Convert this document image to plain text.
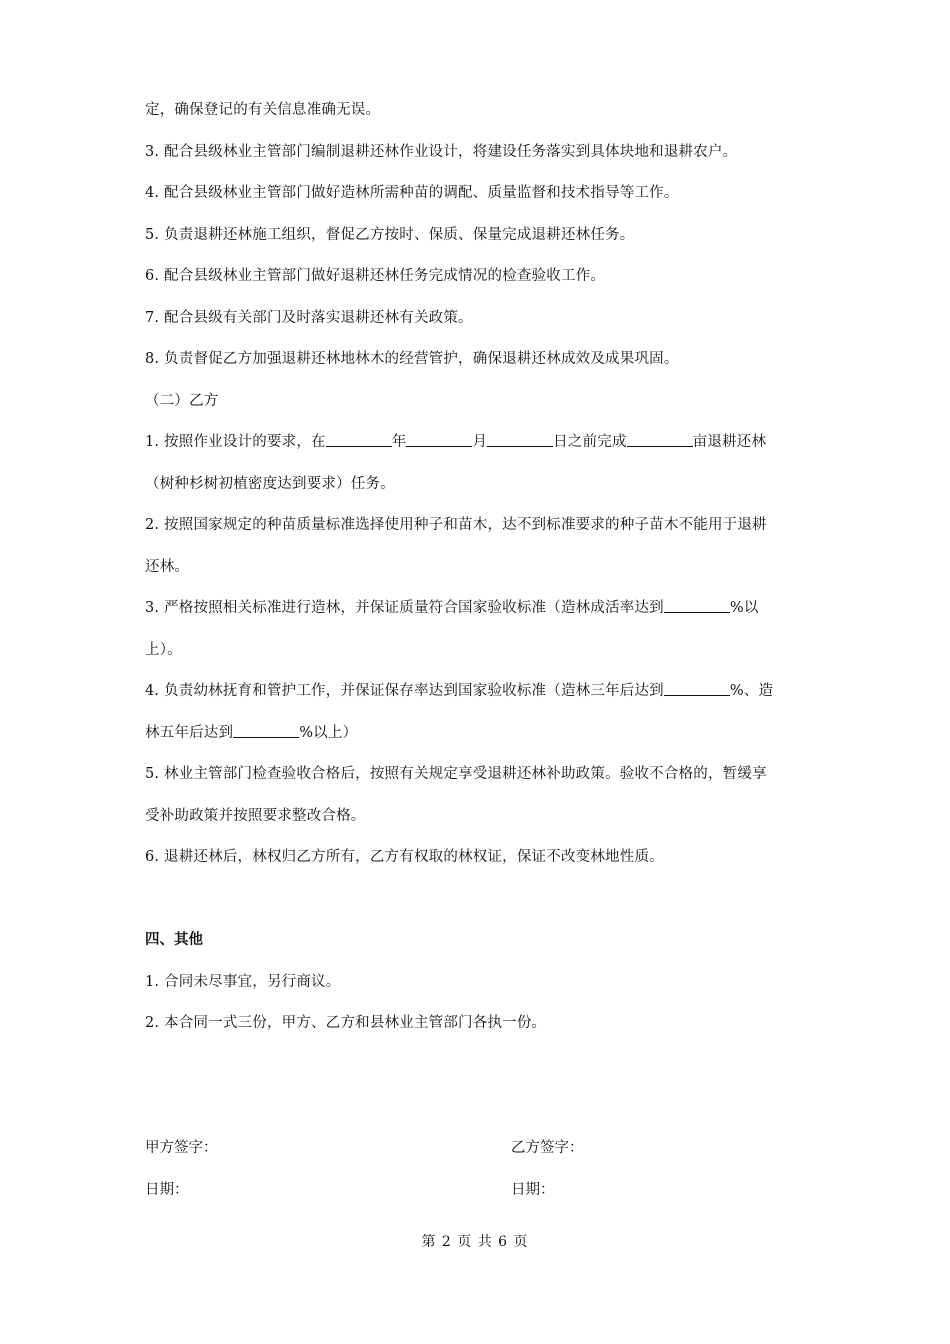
定，确保登记的有关信息准确无误。
3. 配合县级林业主管部门编制退耕还林作业设计，将建设任务落实到具体块地和退耕农户。
4. 配合县级林业主管部门做好造林所需种苗的调配、质量监督和技术指导等工作。
5. 负责退耕还林施工组织，督促乙方按时、保质、保量完成退耕还林任务。
6. 配合县级林业主管部门做好退耕还林任务完成情况的检查验收工作。
7. 配合县级有关部门及时落实退耕还林有关政策。
8. 负责督促乙方加强退耕还林地林木的经营管护，确保退耕还林成效及成果巩固。
（二）乙方
1. 按照作业设计的要求，在	年	月	日之前完成	亩退耕还林
（树种杉树初植密度达到要求）任务。
2. 按照国家规定的种苗质量标准选择使用种子和苗木，达不到标准要求的种子苗木不能用于退耕
还林。
3. 严格按照相关标准进行造林，并保证质量符合国家验收标准（造林成活率达到	%以
上）。
4. 负责幼林抚育和管护工作，并保证保存率达到国家验收标准（造林三年后达到	%、造
林五年后达到	%以上）
5. 林业主管部门检查验收合格后，按照有关规定享受退耕还林补助政策。验收不合格的，暂缓享
受补助政策并按照要求整改合格。
6. 退耕还林后，林权归乙方所有，乙方有权取的林权证，保证不改变林地性质。
四、其他
1. 合同未尽事宜，另行商议。
2. 本合同一式三份，甲方、乙方和县林业主管部门各执一份。
甲方签字：
日期：
乙方签字：
日期：
第 2 页 共 6 页
